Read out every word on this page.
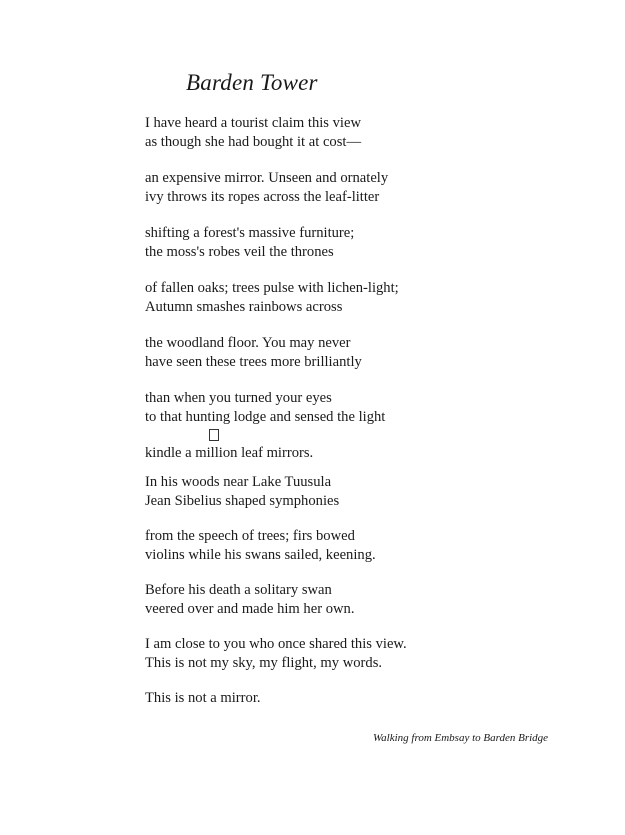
Barden Tower

I have heard a tourist claim this view
as though she had bought it at cost—

an expensive mirror. Unseen and ornately
ivy throws its ropes across the leaf-litter

shifting a forest's massive furniture;
the moss's robes veil the thrones

of fallen oaks; trees pulse with lichen-light;
Autumn smashes rainbows across

the woodland floor. You may never
have seen these trees more brilliantly

than when you turned your eyes
to that hunting lodge and sensed the light

kindle a million leaf mirrors.

In his woods near Lake Tuusula
Jean Sibelius shaped symphonies

from the speech of trees; firs bowed
violins while his swans sailed, keening.

Before his death a solitary swan
veered over and made him her own.

I am close to you who once shared this view.
This is not my sky, my flight, my words.

This is not a mirror.

Walking from Embsay to Barden Bridge
